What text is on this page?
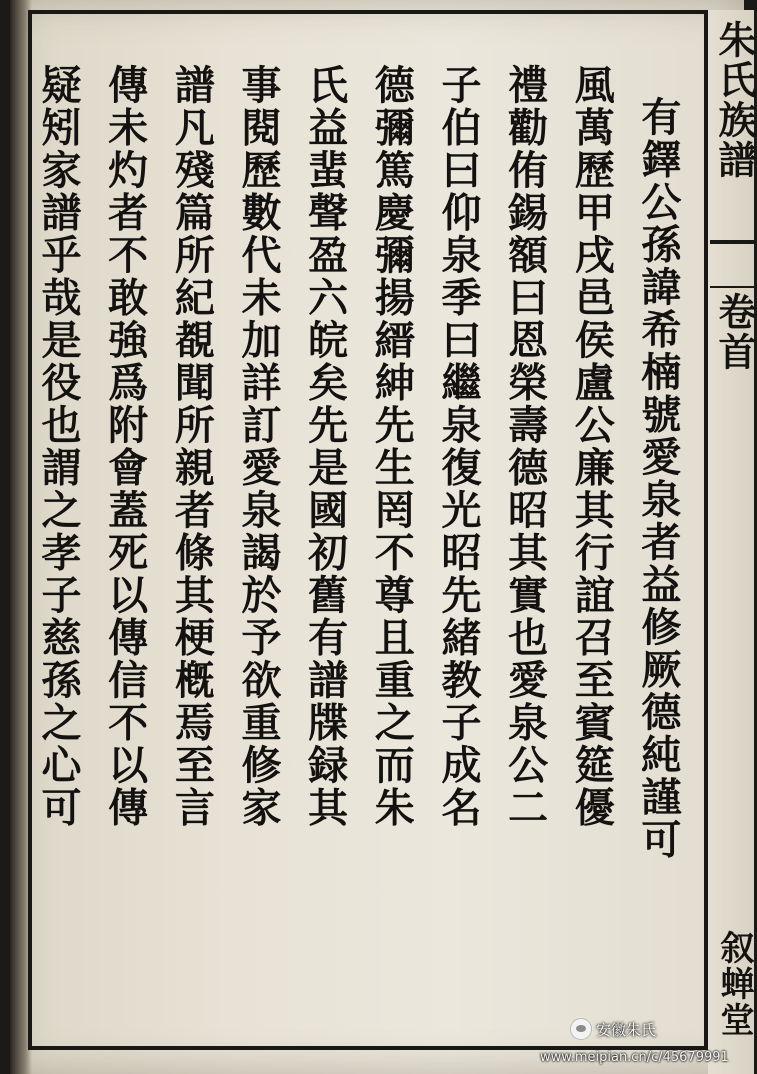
朱氏族譜
卷首
叙蝉堂
有鐸公孫諱希楠號愛泉者益修厥德純謹可
風萬歷甲戌邑侯盧公廉其行誼召至賓筵優
禮勸侑錫額曰恩榮壽德昭其實也愛泉公二
子伯曰仰泉季曰繼泉復光昭先緒教子成名
德彌篤慶彌揚縉紳先生罔不尊且重之而朱
氏益蜚聲盈六皖矣先是國初舊有譜牒録其
事閱歷數代未加詳訂愛泉謁於予欲重修家
譜凡殘篇所紀覩聞所親者條其梗槪焉至言
傳未灼者不敢強爲附會蓋死以傳信不以傳
疑矧家譜乎哉是役也謂之孝子慈孫之心可
安徽朱氏
www.meipian.cn/c/45679991
